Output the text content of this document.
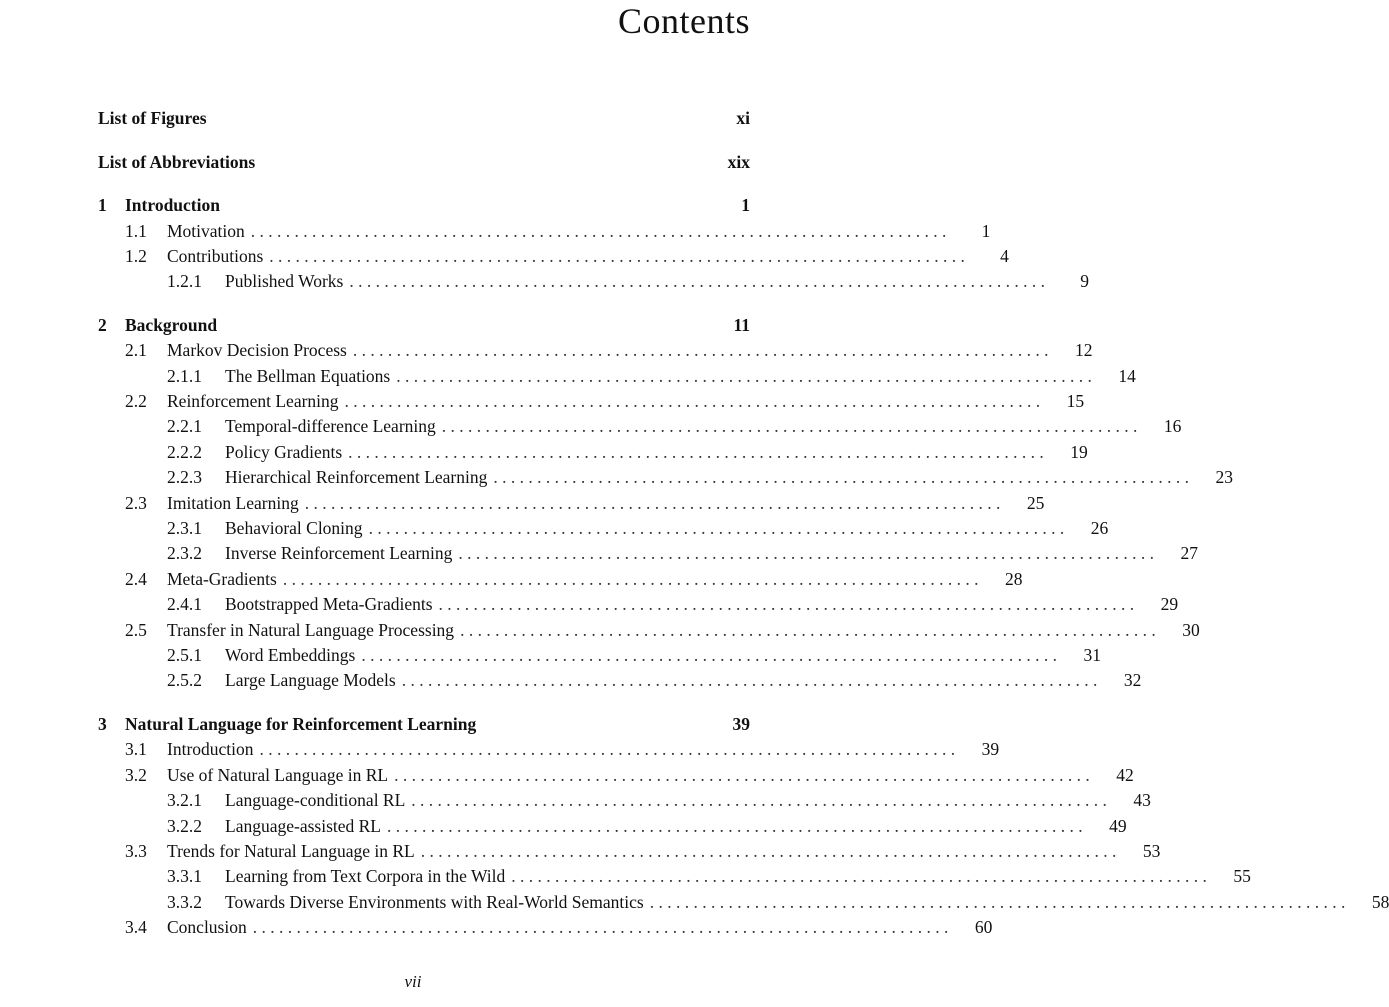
Contents
List of Figures	xi
List of Abbreviations	xix
1	Introduction	1
1.1	Motivation . . . . . . . . . . . . . . . . . . . . . . . . . . . . . . . . . . . . . . . . . . . . . . . . . . . . . . . . . . . . . . . . . . . . . . . . . . . . . . . .	1
1.2	Contributions . . . . . . . . . . . . . . . . . . . . . . . . . . . . . . . . . . . . . . . . . . . . . . . . . . . . . . . . . . . . . . . . . . . . . . . . . . . . . . . .	4
1.2.1	Published Works . . . . . . . . . . . . . . . . . . . . . . . . . . . . . . . . . . . . . . . . . . . . . . . . . . . . . . . . . . . . . . . . . . . . . . . . . . . . . . . .	9
2	Background	11
2.1	Markov Decision Process . . . . . . . . . . . . . . . . . . . . . . . . . . . . . . . . . . . . . . . . . . . . . . . . . . . . . . . . . . . . . . . . . . . . . . . . . . . . . . . .	12
2.1.1	The Bellman Equations . . . . . . . . . . . . . . . . . . . . . . . . . . . . . . . . . . . . . . . . . . . . . . . . . . . . . . . . . . . . . . . . . . . . . . . . . . . . . . . .	14
2.2	Reinforcement Learning . . . . . . . . . . . . . . . . . . . . . . . . . . . . . . . . . . . . . . . . . . . . . . . . . . . . . . . . . . . . . . . . . . . . . . . . . . . . . . . .	15
2.2.1	Temporal-difference Learning . . . . . . . . . . . . . . . . . . . . . . . . . . . . . . . . . . . . . . . . . . . . . . . . . . . . . . . . . . . . . . . . . . . . . . . . . . . . . . . .	16
2.2.2	Policy Gradients . . . . . . . . . . . . . . . . . . . . . . . . . . . . . . . . . . . . . . . . . . . . . . . . . . . . . . . . . . . . . . . . . . . . . . . . . . . . . . . .	19
2.2.3	Hierarchical Reinforcement Learning . . . . . . . . . . . . . . . . . . . . . . . . . . . . . . . . . . . . . . . . . . . . . . . . . . . . . . . . . . . . . . . . . . . . . . . . . . . . . . . .	23
2.3	Imitation Learning . . . . . . . . . . . . . . . . . . . . . . . . . . . . . . . . . . . . . . . . . . . . . . . . . . . . . . . . . . . . . . . . . . . . . . . . . . . . . . . .	25
2.3.1	Behavioral Cloning . . . . . . . . . . . . . . . . . . . . . . . . . . . . . . . . . . . . . . . . . . . . . . . . . . . . . . . . . . . . . . . . . . . . . . . . . . . . . . . .	26
2.3.2	Inverse Reinforcement Learning . . . . . . . . . . . . . . . . . . . . . . . . . . . . . . . . . . . . . . . . . . . . . . . . . . . . . . . . . . . . . . . . . . . . . . . . . . . . . . . .	27
2.4	Meta-Gradients . . . . . . . . . . . . . . . . . . . . . . . . . . . . . . . . . . . . . . . . . . . . . . . . . . . . . . . . . . . . . . . . . . . . . . . . . . . . . . . .	28
2.4.1	Bootstrapped Meta-Gradients . . . . . . . . . . . . . . . . . . . . . . . . . . . . . . . . . . . . . . . . . . . . . . . . . . . . . . . . . . . . . . . . . . . . . . . . . . . . . . . .	29
2.5	Transfer in Natural Language Processing . . . . . . . . . . . . . . . . . . . . . . . . . . . . . . . . . . . . . . . . . . . . . . . . . . . . . . . . . . . . . . . . . . . . . . . . . . . . . . . .	30
2.5.1	Word Embeddings . . . . . . . . . . . . . . . . . . . . . . . . . . . . . . . . . . . . . . . . . . . . . . . . . . . . . . . . . . . . . . . . . . . . . . . . . . . . . . . .	31
2.5.2	Large Language Models . . . . . . . . . . . . . . . . . . . . . . . . . . . . . . . . . . . . . . . . . . . . . . . . . . . . . . . . . . . . . . . . . . . . . . . . . . . . . . . .	32
3	Natural Language for Reinforcement Learning	39
3.1	Introduction . . . . . . . . . . . . . . . . . . . . . . . . . . . . . . . . . . . . . . . . . . . . . . . . . . . . . . . . . . . . . . . . . . . . . . . . . . . . . . . .	39
3.2	Use of Natural Language in RL . . . . . . . . . . . . . . . . . . . . . . . . . . . . . . . . . . . . . . . . . . . . . . . . . . . . . . . . . . . . . . . . . . . . . . . . . . . . . . . .	42
3.2.1	Language-conditional RL . . . . . . . . . . . . . . . . . . . . . . . . . . . . . . . . . . . . . . . . . . . . . . . . . . . . . . . . . . . . . . . . . . . . . . . . . . . . . . . .	43
3.2.2	Language-assisted RL . . . . . . . . . . . . . . . . . . . . . . . . . . . . . . . . . . . . . . . . . . . . . . . . . . . . . . . . . . . . . . . . . . . . . . . . . . . . . . . .	49
3.3	Trends for Natural Language in RL . . . . . . . . . . . . . . . . . . . . . . . . . . . . . . . . . . . . . . . . . . . . . . . . . . . . . . . . . . . . . . . . . . . . . . . . . . . . . . . .	53
3.3.1	Learning from Text Corpora in the Wild . . . . . . . . . . . . . . . . . . . . . . . . . . . . . . . . . . . . . . . . . . . . . . . . . . . . . . . . . . . . . . . . . . . . . . . . . . . . . . . .	55
3.3.2	Towards Diverse Environments with Real-World Semantics . . . . . . . . . . . . . . . . . . . . . . . . . . . . . . . . . . . . . . . . . . . . . . . . . . . . . . . . . . . . . . . . . . . . . . . . . . . . . . . .	58
3.4	Conclusion . . . . . . . . . . . . . . . . . . . . . . . . . . . . . . . . . . . . . . . . . . . . . . . . . . . . . . . . . . . . . . . . . . . . . . . . . . . . . . . .	60
vii
